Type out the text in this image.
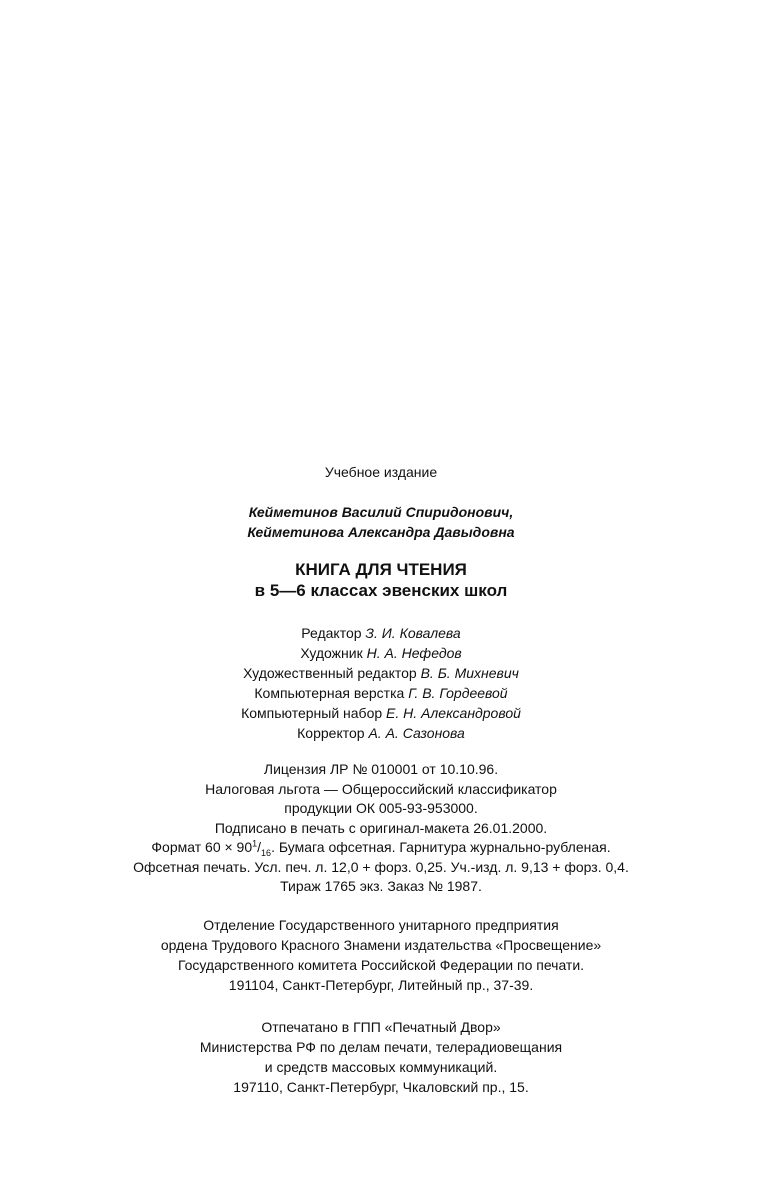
Учебное издание
Кейметинов Василий Спиридонович,
Кейметинова Александра Давыдовна
КНИГА ДЛЯ ЧТЕНИЯ
в 5—6 классах эвенских школ
Редактор З. И. Ковалева
Художник Н. А. Нефедов
Художественный редактор В. Б. Михневич
Компьютерная верстка Г. В. Гордеевой
Компьютерный набор Е. Н. Александровой
Корректор А. А. Сазонова
Лицензия ЛР № 010001 от 10.10.96.
Налоговая льгота — Общероссийский классификатор
продукции ОК 005-93-953000.
Подписано в печать с оригинал-макета 26.01.2000.
Формат $60 \times 90^1/_{16}$. Бумага офсетная. Гарнитура журнально-рубленая.
Офсетная печать. Усл. печ. л. 12,0 + форз. 0,25. Уч.-изд. л. 9,13 + форз. 0,4.
Тираж 1765 экз. Заказ № 1987.
Отделение Государственного унитарного предприятия
ордена Трудового Красного Знамени издательства «Просвещение»
Государственного комитета Российской Федерации по печати.
191104, Санкт-Петербург, Литейный пр., 37-39.
Отпечатано в ГПП «Печатный Двор»
Министерства РФ по делам печати, телерадиовещания
и средств массовых коммуникаций.
197110, Санкт-Петербург, Чкаловский пр., 15.
